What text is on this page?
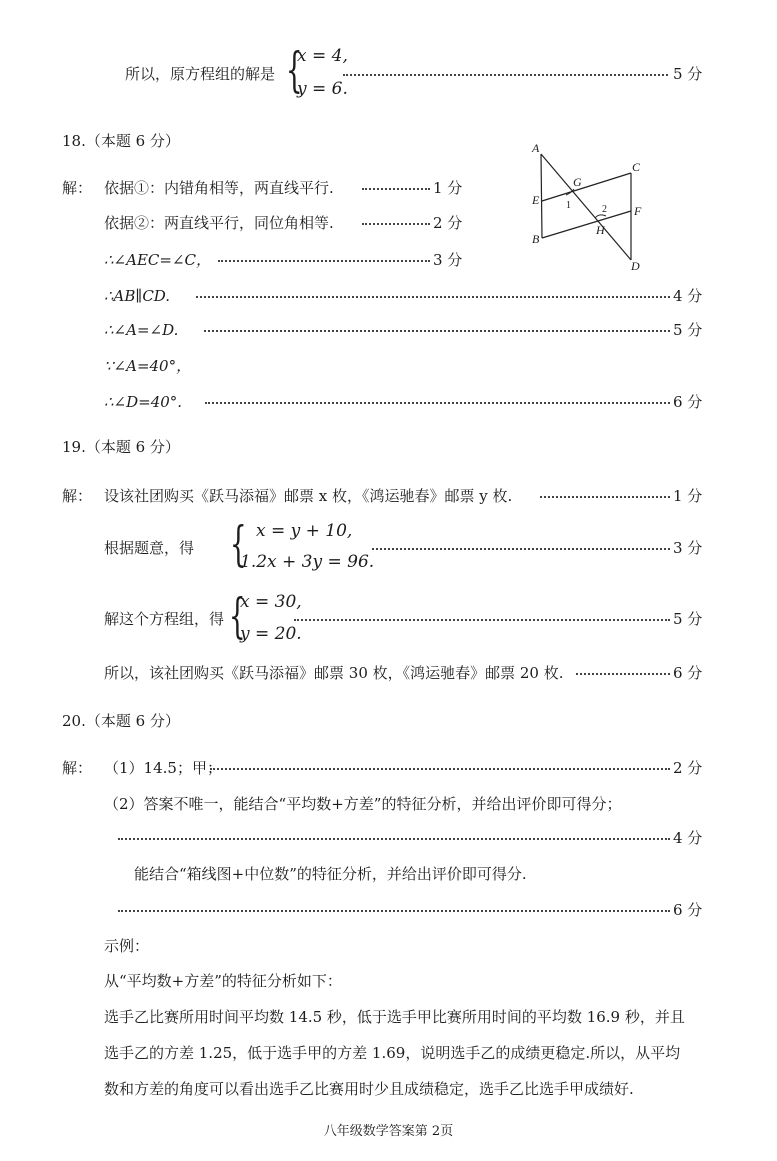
所以，原方程组的解是 {
x = 4,
y = 6.
5 分
18.（本题 6 分）
解： 依据①：内错角相等，两直线平行.	1 分
依据②：两直线平行，同位角相等.	2 分
∴∠AEC=∠C，	3 分
∴AB∥CD.	4 分
∴∠A=∠D.	5 分
∵∠A=40°，
∴∠D=40°.	6 分
A
B
C
D
E
F
G
H
1	2
19.（本题 6 分）
解： 设该社团购买《跃马添福》邮票 x 枚，《鸿运驰春》邮票 y 枚.	1 分
根据题意，得 { x = y + 10,
1.2x + 3y = 96.
3 分
解这个方程组，得 {
x = 30,
y = 20.
5 分
所以，该社团购买《跃马添福》邮票 30 枚，《鸿运驰春》邮票 20 枚.	6 分
20.（本题 6 分）
解： （1）14.5；甲；	2 分
（2）答案不唯一，能结合“平均数+方差”的特征分析，并给出评价即可得分；
4 分
能结合“箱线图+中位数”的特征分析，并给出评价即可得分.
6 分
示例：
从“平均数+方差”的特征分析如下：
选手乙比赛所用时间平均数 14.5 秒，低于选手甲比赛所用时间的平均数 16.9 秒，并且
选手乙的方差 1.25，低于选手甲的方差 1.69，说明选手乙的成绩更稳定.所以，从平均
数和方差的角度可以看出选手乙比赛用时少且成绩稳定，选手乙比选手甲成绩好.
八年级数学答案第 2页
